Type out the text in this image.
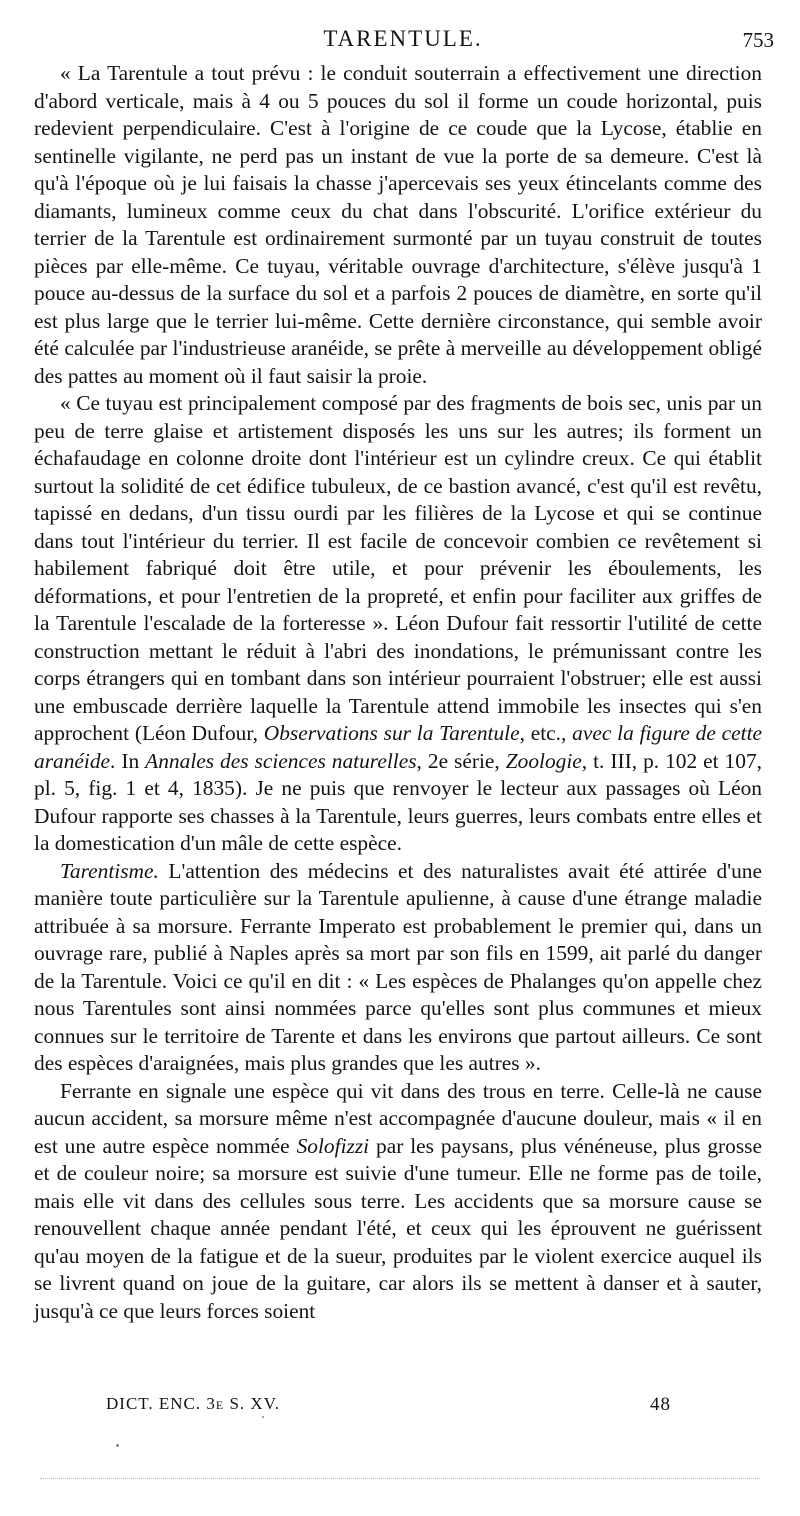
TARENTULE.	753

« La Tarentule a tout prévu : le conduit souterrain a effectivement une direction d'abord verticale, mais à 4 ou 5 pouces du sol il forme un coude horizontal, puis redevient perpendiculaire. C'est à l'origine de ce coude que la Lycose, établie en sentinelle vigilante, ne perd pas un instant de vue la porte de sa demeure. C'est là qu'à l'époque où je lui faisais la chasse j'apercevais ses yeux étincelants comme des diamants, lumineux comme ceux du chat dans l'obscurité. L'orifice extérieur du terrier de la Tarentule est ordinairement surmonté par un tuyau construit de toutes pièces par elle-même. Ce tuyau, véritable ouvrage d'architecture, s'élève jusqu'à 1 pouce au-dessus de la surface du sol et a parfois 2 pouces de diamètre, en sorte qu'il est plus large que le terrier lui-même. Cette dernière circonstance, qui semble avoir été calculée par l'industrieuse aranéide, se prête à merveille au développement obligé des pattes au moment où il faut saisir la proie.

« Ce tuyau est principalement composé par des fragments de bois sec, unis par un peu de terre glaise et artistement disposés les uns sur les autres; ils forment un échafaudage en colonne droite dont l'intérieur est un cylindre creux. Ce qui établit surtout la solidité de cet édifice tubuleux, de ce bastion avancé, c'est qu'il est revêtu, tapissé en dedans, d'un tissu ourdi par les filières de la Lycose et qui se continue dans tout l'intérieur du terrier. Il est facile de concevoir combien ce revêtement si habilement fabriqué doit être utile, et pour prévenir les éboulements, les déformations, et pour l'entretien de la propreté, et enfin pour faciliter aux griffes de la Tarentule l'escalade de la forteresse ». Léon Dufour fait ressortir l'utilité de cette construction mettant le réduit à l'abri des inondations, le prémunissant contre les corps étrangers qui en tombant dans son intérieur pourraient l'obstruer; elle est aussi une embuscade derrière laquelle la Tarentule attend immobile les insectes qui s'en approchent (Léon Dufour, Observations sur la Tarentule, etc., avec la figure de cette aranéide. In Annales des sciences naturelles, 2e série, Zoologie, t. III, p. 102 et 107, pl. 5, fig. 1 et 4, 1835). Je ne puis que renvoyer le lecteur aux passages où Léon Dufour rapporte ses chasses à la Tarentule, leurs guerres, leurs combats entre elles et la domestication d'un mâle de cette espèce.

Tarentisme. L'attention des médecins et des naturalistes avait été attirée d'une manière toute particulière sur la Tarentule apulienne, à cause d'une étrange maladie attribuée à sa morsure. Ferrante Imperato est probablement le premier qui, dans un ouvrage rare, publié à Naples après sa mort par son fils en 1599, ait parlé du danger de la Tarentule. Voici ce qu'il en dit : « Les espèces de Phalanges qu'on appelle chez nous Tarentules sont ainsi nommées parce qu'elles sont plus communes et mieux connues sur le territoire de Tarente et dans les environs que partout ailleurs. Ce sont des espèces d'araignées, mais plus grandes que les autres ».

Ferrante en signale une espèce qui vit dans des trous en terre. Celle-là ne cause aucun accident, sa morsure même n'est accompagnée d'aucune douleur, mais « il en est une autre espèce nommée Solofizzi par les paysans, plus vénéneuse, plus grosse et de couleur noire; sa morsure est suivie d'une tumeur. Elle ne forme pas de toile, mais elle vit dans des cellules sous terre. Les accidents que sa morsure cause se renouvellent chaque année pendant l'été, et ceux qui les éprouvent ne guérissent qu'au moyen de la fatigue et de la sueur, produites par le violent exercice auquel ils se livrent quand on joue de la guitare, car alors ils se mettent à danser et à sauter, jusqu'à ce que leurs forces soient

DICT. ENC. 3e S. XV.	48
